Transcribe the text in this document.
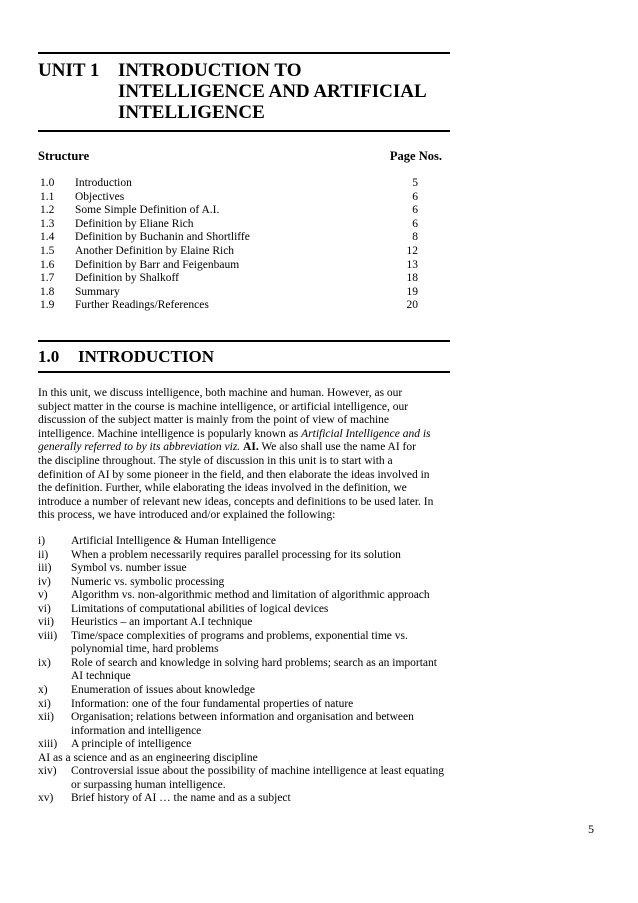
UNIT 1 INTRODUCTION TO
INTELLIGENCE AND ARTIFICIAL
INTELLIGENCE
Structure	Page Nos.
1.0 Introduction	5
1.1 Objectives	6
1.2 Some Simple Definition of A.I.	6
1.3 Definition by Eliane Rich	6
1.4 Definition by Buchanin and Shortliffe	8
1.5 Another Definition by Elaine Rich	12
1.6 Definition by Barr and Feigenbaum	13
1.7 Definition by Shalkoff	18
1.8 Summary	19
1.9 Further Readings/References	20
1.0 INTRODUCTION
In this unit, we discuss intelligence, both machine and human. However, as our
subject matter in the course is machine intelligence, or artificial intelligence, our
discussion of the subject matter is mainly from the point of view of machine
intelligence. Machine intelligence is popularly known as Artificial Intelligence and is
generally referred to by its abbreviation viz. AI. We also shall use the name AI for
the discipline throughout. The style of discussion in this unit is to start with a
definition of AI by some pioneer in the field, and then elaborate the ideas involved in
the definition. Further, while elaborating the ideas involved in the definition, we
introduce a number of relevant new ideas, concepts and definitions to be used later. In
this process, we have introduced and/or explained the following:
i) Artificial Intelligence & Human Intelligence
ii) When a problem necessarily requires parallel processing for its solution
iii) Symbol vs. number issue
iv) Numeric vs. symbolic processing
v) Algorithm vs. non-algorithmic method and limitation of algorithmic approach
vi) Limitations of computational abilities of logical devices
vii) Heuristics – an important A.I technique
viii) Time/space complexities of programs and problems, exponential time vs. polynomial time, hard problems
ix) Role of search and knowledge in solving hard problems; search as an important AI technique
x) Enumeration of issues about knowledge
xi) Information: one of the four fundamental properties of nature
xii) Organisation; relations between information and organisation and between information and intelligence
xiii) A principle of intelligence
AI as a science and as an engineering discipline
xiv) Controversial issue about the possibility of machine intelligence at least equating or surpassing human intelligence.
xv) Brief history of AI … the name and as a subject
5
